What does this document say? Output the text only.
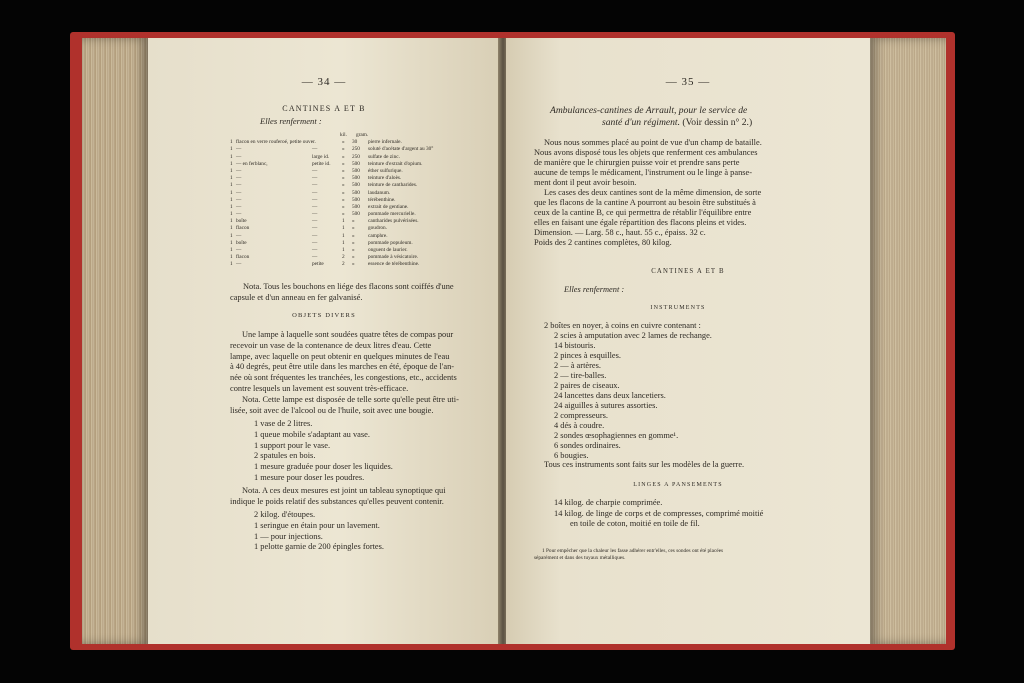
— 34 —
CANTINES A ET B
Elles renferment :
kil. gram.
1 flacon en verre rouferoé, petite ouver.	» 30 pierre infernale.
1 —	—	» 250 soluté d'acétate d'argent au 30°
1 —	large id. » 250 sulfate de zinc.
1 — en ferblanc,	petite id. » 500 teinture d'extrait d'opium.
1 —	—	» 500 éther sulfurique.
1 —	—	» 500 teinture d'aloès.
1 —	—	» 500 teinture de cantharides.
1 —	—	» 500 laudanum.
1 —	—	» 500 térébenthine.
1 —	—	» 500 extrait de gentiane.
1 —	—	» 500 pommade mercurielle.
1 boîte	—	1 »	cantharides pulvérisées.
1 flacon	—	1 »	goudron.
1 —	—	1 »	camphre.
1 boîte	—	1 »	pommade populeum.
1 —	—	1 »	onguent de laurier.
1 flacon	—	2 »	pommade à vésicatoire.
1 —	petite	2 »	essence de térébenthine.
Nota. Tous les bouchons en liége des flacons sont coiffés d'une
capsule et d'un anneau en fer galvanisé.
OBJETS DIVERS
Une lampe à laquelle sont soudées quatre têtes de compas pour
recevoir un vase de la contenance de deux litres d'eau. Cette
lampe, avec laquelle on peut obtenir en quelques minutes de l'eau
à 40 degrés, peut être utile dans les marches en été, époque de l'an-
née où sont fréquentes les tranchées, les congestions, etc., accidents
contre lesquels un lavement est souvent très-efficace.
Nota. Cette lampe est disposée de telle sorte qu'elle peut être uti-
lisée, soit avec de l'alcool ou de l'huile, soit avec une bougie.
1 vase de 2 litres.
1 queue mobile s'adaptant au vase.
1 support pour le vase.
2 spatules en bois.
1 mesure graduée pour doser les liquides.
1 mesure pour doser les poudres.
Nota. A ces deux mesures est joint un tableau synoptique qui
indique le poids relatif des substances qu'elles peuvent contenir.
2 kilog. d'étoupes.
1 seringue en étain pour un lavement.
1 — pour injections.
1 pelotte garnie de 200 épingles fortes.
— 35 —
Ambulances-cantines de Arrault, pour le service de
santé d'un régiment. (Voir dessin n° 2.)
Nous nous sommes placé au point de vue d'un champ de bataille.
Nous avons disposé tous les objets que renferment ces ambulances
de manière que le chirurgien puisse voir et prendre sans perte
aucune de temps le médicament, l'instrument ou le linge à panse-
ment dont il peut avoir besoin.
Les cases des deux cantines sont de la même dimension, de sorte
que les flacons de la cantine A pourront au besoin être substitués à
ceux de la cantine B, ce qui permettra de rétablir l'équilibre entre
elles en faisant une égale répartition des flacons pleins et vides.
Dimension. — Larg. 58 c., haut. 55 c., épaiss. 32 c.
Poids des 2 cantines complètes, 80 kilog.
CANTINES A ET B
Elles renferment :
INSTRUMENTS
2 boîtes en noyer, à coins en cuivre contenant :
2 scies à amputation avec 2 lames de rechange.
14 bistouris.
2 pinces à esquilles.
2 — à artères.
2 — tire-balles.
2 paires de ciseaux.
24 lancettes dans deux lancetiers.
24 aiguilles à sutures assorties.
2 compresseurs.
4 dés à coudre.
2 sondes œsophagiennes en gomme¹.
6 sondes ordinaires.
6 bougies.
Tous ces instruments sont faits sur les modèles de la guerre.
LINGES A PANSEMENTS
14 kilog. de charpie comprimée.
14 kilog. de linge de corps et de compresses, comprimé moitié
en toile de coton, moitié en toile de fil.
1 Pour empêcher que la chaleur les fasse adhérer entr'elles, ces sondes ont été placées
séparément et dans des tuyaux métalliques.
